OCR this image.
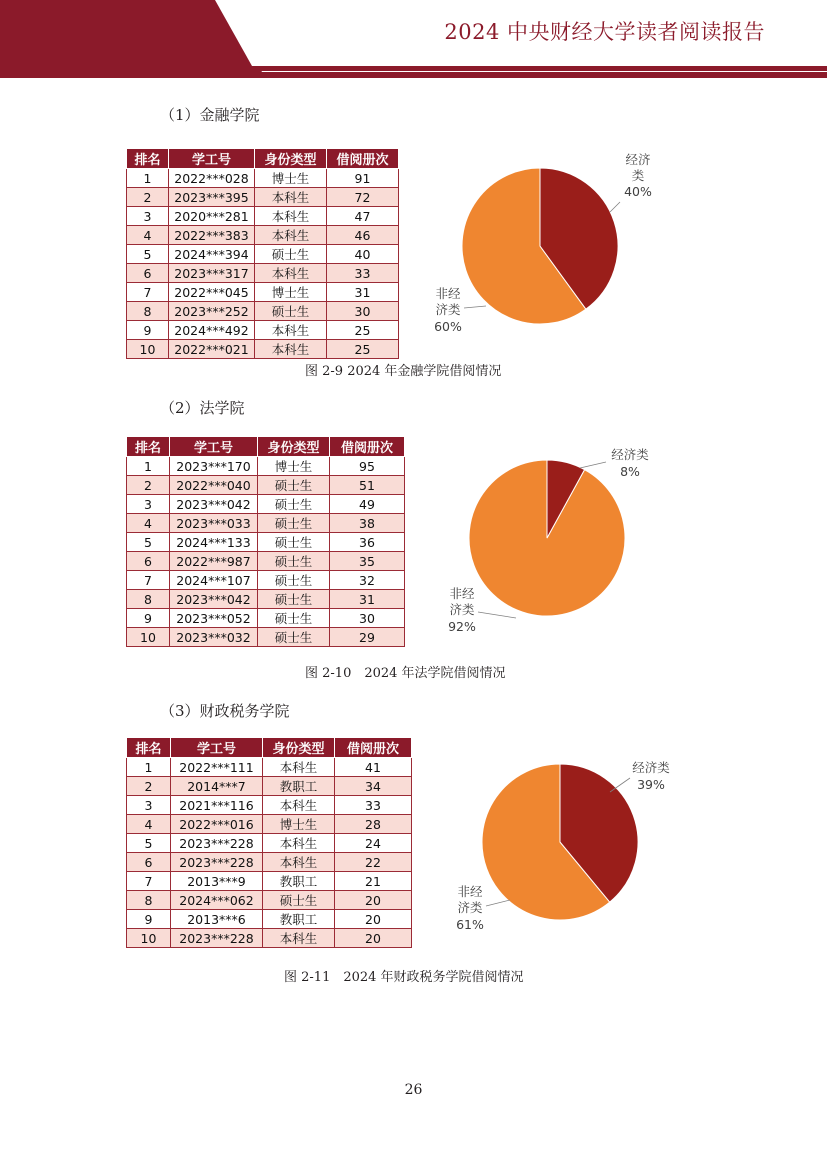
2024 中央财经大学读者阅读报告
（1）金融学院
排名	学工号	身份类型	借阅册次
1	2022***028	博士生	91
2	2023***395	本科生	72
3	2020***281	本科生	47
4	2022***383	本科生	46
5	2024***394	硕士生	40
6	2023***317	本科生	33
7	2022***045	博士生	31
8	2023***252	硕士生	30
9	2024***492	本科生	25
10	2022***021	本科生	25
经济
类
40%
非经
济类
60%
图 2-9 2024 年金融学院借阅情况
（2）法学院
排名	学工号	身份类型	借阅册次
1	2023***170	博士生	95
2	2022***040	硕士生	51
3	2023***042	硕士生	49
4	2023***033	硕士生	38
5	2024***133	硕士生	36
6	2022***987	硕士生	35
7	2024***107	硕士生	32
8	2023***042	硕士生	31
9	2023***052	硕士生	30
10	2023***032	硕士生	29
经济类
8%
非经
济类
92%
图 2-10　2024 年法学院借阅情况
（3）财政税务学院
排名	学工号	身份类型	借阅册次
1	2022***111	本科生	41
2	2014***7	教职工	34
3	2021***116	本科生	33
4	2022***016	博士生	28
5	2023***228	本科生	24
6	2023***228	本科生	22
7	2013***9	教职工	21
8	2024***062	硕士生	20
9	2013***6	教职工	20
10	2023***228	本科生	20
经济类
39%
非经
济类
61%
图 2-11　2024 年财政税务学院借阅情况
26
